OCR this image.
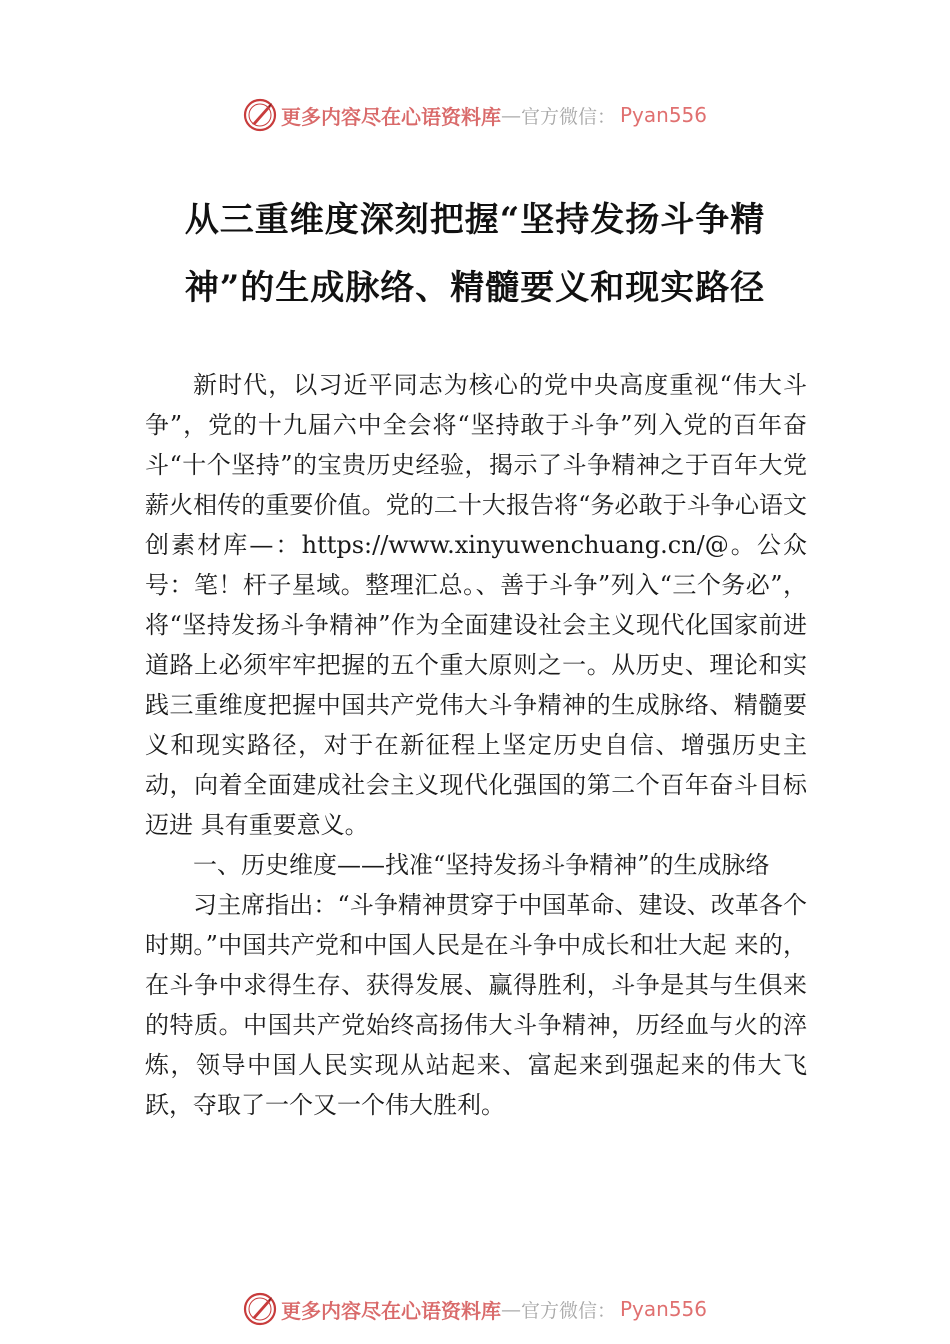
更多内容尽在心语资料库 — 官方微信： Pyan556
从三重维度深刻把握“坚持发扬斗争精神”的生成脉络、精髓要义和现实路径

新时代，以习近平同志为核心的党中央高度重视“伟大斗争”，党的十九届六中全会将“坚持敢于斗争”列入党的百年奋斗“十个坚持”的宝贵历史经验，揭示了斗争精神之于百年大党薪火相传的重要价值。党的二十大报告将“务必敢于斗争心语文创素材库—：https://www.xinyuwenchuang.cn/@。公众号：笔！杆子星域。整理汇总。、善于斗争”列入“三个务必”，将“坚持发扬斗争精神”作为全面建设社会主义现代化国家前进道路上必须牢牢把握的五个重大原则之一。从历史、理论和实践三重维度把握中国共产党伟大斗争精神的生成脉络、精髓要义和现实路径，对于在新征程上坚定历史自信、增强历史主动，向着全面建成社会主义现代化强国的第二个百年奋斗目标迈进 具有重要意义。

一、历史维度——找准“坚持发扬斗争精神”的生成脉络

习主席指出：“斗争精神贯穿于中国革命、建设、改革各个时期。”中国共产党和中国人民是在斗争中成长和壮大起 来的，在斗争中求得生存、获得发展、赢得胜利，斗争是其与生俱来的特质。中国共产党始终高扬伟大斗争精神，历经血与火的淬炼，领导中国人民实现从站起来、富起来到强起来的伟大飞跃，夺取了一个又一个伟大胜利。

更多内容尽在心语资料库 — 官方微信： Pyan556
